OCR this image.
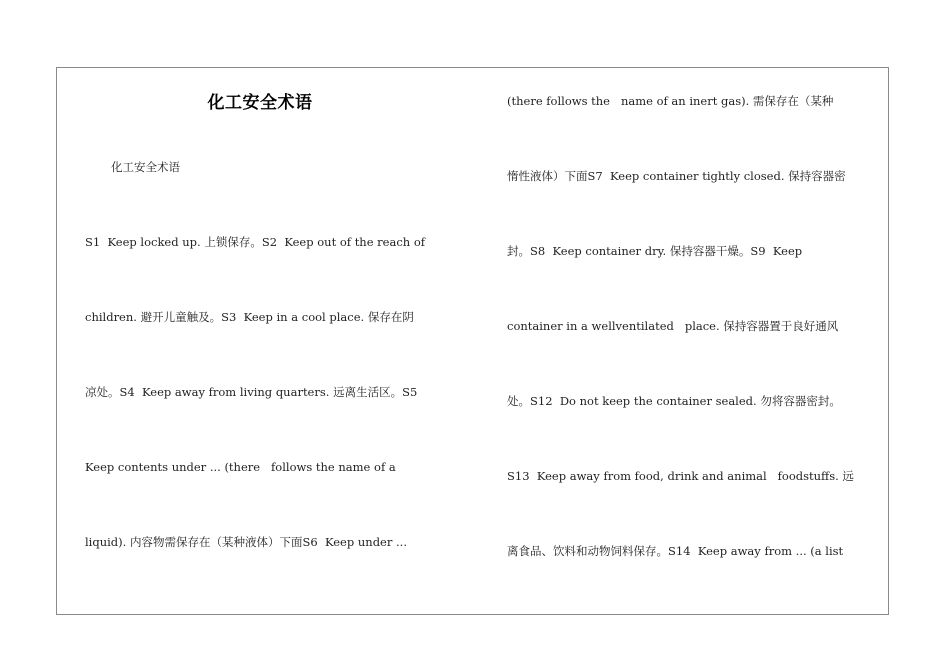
化工安全术语
化工安全术语
S1  Keep locked up. 上锁保存。S2  Keep out of the reach of
children. 避开儿童触及。S3  Keep in a cool place. 保存在阴
凉处。S4  Keep away from living quarters. 远离生活区。S5
Keep contents under ... (there   follows the name of a
liquid). 内容物需保存在（某种液体）下面S6  Keep under ...
(there follows the   name of an inert gas). 需保存在（某种
惰性液体）下面S7  Keep container tightly closed. 保持容器密
封。S8  Keep container dry. 保持容器干燥。S9  Keep
container in a wellventilated   place. 保持容器置于良好通风
处。S12  Do not keep the container sealed. 勿将容器密封。
S13  Keep away from food, drink and animal   foodstuffs. 远
离食品、饮料和动物饲料保存。S14  Keep away from ... (a list
